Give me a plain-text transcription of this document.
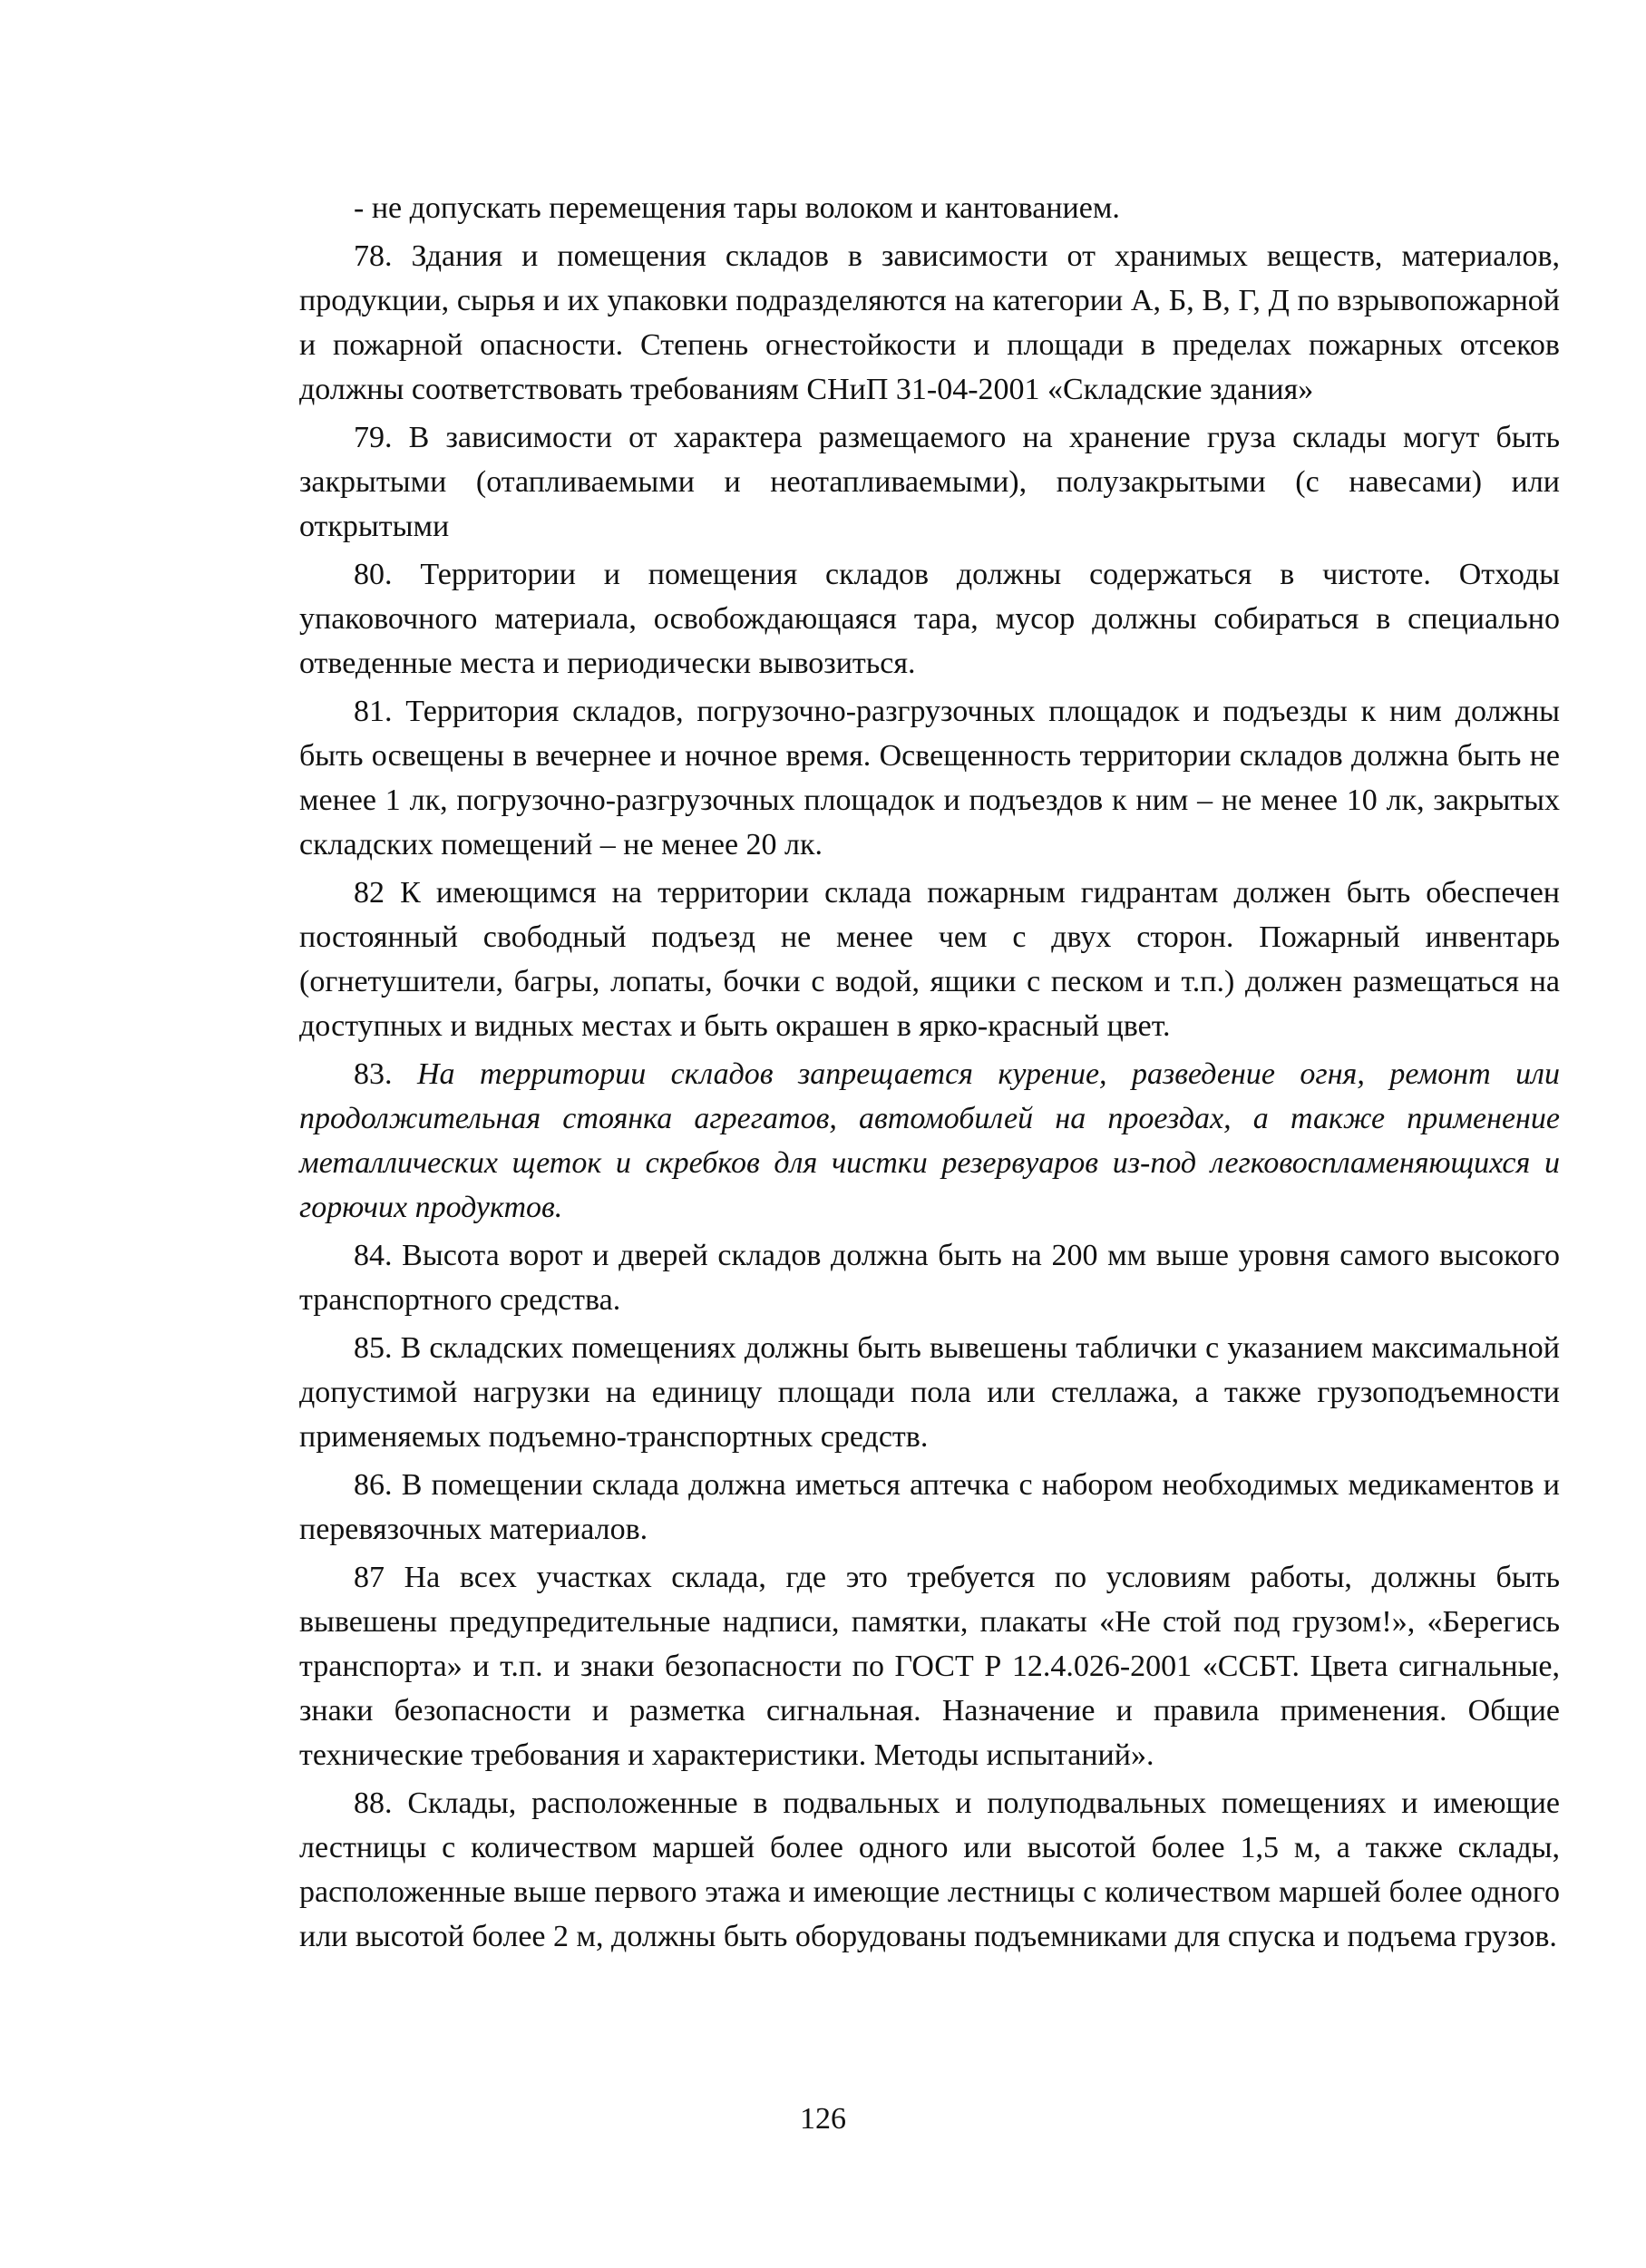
- не допускать перемещения тары волоком и кантованием.

78. Здания и помещения складов в зависимости от хранимых веществ, материалов, продукции, сырья и их упаковки подразделяются на категории А, Б, В, Г, Д по взрывопожарной и пожарной опасности. Степень огнестойкости и площади в пределах пожарных отсеков должны соответствовать требованиям СНиП 31-04-2001 «Складские здания»

79. В зависимости от характера размещаемого на хранение груза склады могут быть закрытыми (отапливаемыми и неотапливаемыми), полузакрытыми (с навесами) или открытыми

80. Территории и помещения складов должны содержаться в чистоте. Отходы упаковочного материала, освобождающаяся тара, мусор должны собираться в специально отведенные места и периодически вывозиться.

81. Территория складов, погрузочно-разгрузочных площадок и подъезды к ним должны быть освещены в вечернее и ночное время. Освещенность территории складов должна быть не менее 1 лк, погрузочно-разгрузочных площадок и подъездов к ним – не менее 10 лк, закрытых складских помещений – не менее 20 лк.

82 К имеющимся на территории склада пожарным гидрантам должен быть обеспечен постоянный свободный подъезд не менее чем с двух сторон. Пожарный инвентарь (огнетушители, багры, лопаты, бочки с водой, ящики с песком и т.п.) должен размещаться на доступных и видных местах и быть окрашен в ярко-красный цвет.

83. На территории складов запрещается курение, разведение огня, ремонт или продолжительная стоянка агрегатов, автомобилей на проездах, а также применение металлических щеток и скребков для чистки резервуаров из-под легковоспламеняющихся и горючих продуктов.

84. Высота ворот и дверей складов должна быть на 200 мм выше уровня самого высокого транспортного средства.

85. В складских помещениях должны быть вывешены таблички с указанием максимальной допустимой нагрузки на единицу площади пола или стеллажа, а также грузоподъемности применяемых подъемно-транспортных средств.

86. В помещении склада должна иметься аптечка с набором необходимых медикаментов и перевязочных материалов.

87 На всех участках склада, где это требуется по условиям работы, должны быть вывешены предупредительные надписи, памятки, плакаты «Не стой под грузом!», «Берегись транспорта» и т.п. и знаки безопасности по ГОСТ Р 12.4.026-2001 «ССБТ. Цвета сигнальные, знаки безопасности и разметка сигнальная. Назначение и правила применения. Общие технические требования и характеристики. Методы испытаний».

88. Склады, расположенные в подвальных и полуподвальных помещениях и имеющие лестницы с количеством маршей более одного или высотой более 1,5 м, а также склады, расположенные выше первого этажа и имеющие лестницы с количеством маршей более одного или высотой более 2 м, должны быть оборудованы подъемниками для спуска и подъема грузов.

126
